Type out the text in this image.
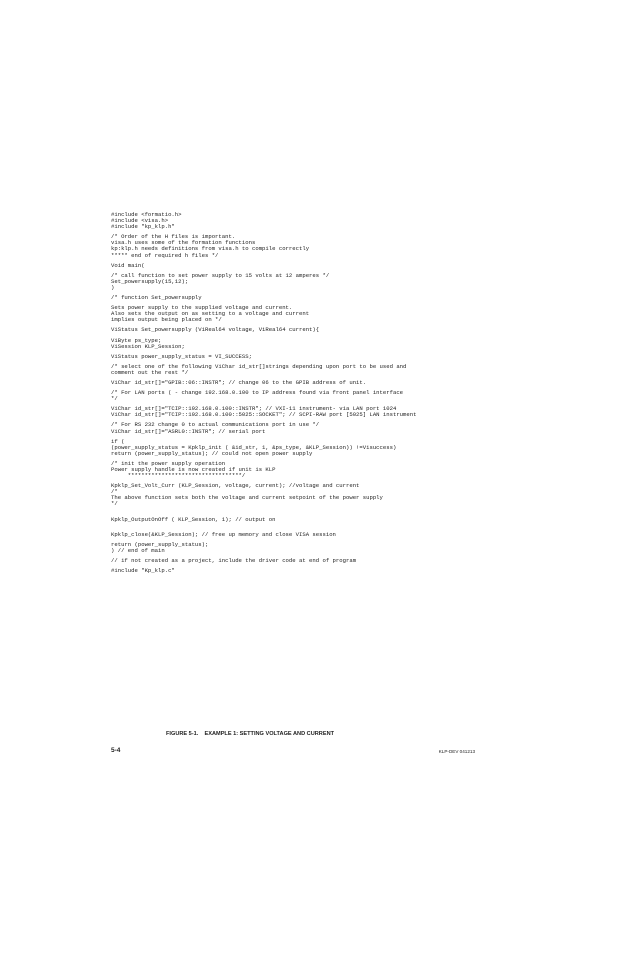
#include <formatio.h>
#include <visa.h>
#include "kp_klp.h"
/* Order of the H files is important.
visa.h uses some of the formation functions
kp:klp.h needs definitions from visa.h to compile correctly
***** end of required h files */
Void main(
/* call function to set power supply to 15 volts at 12 amperes */
Set_powersupply(15,12);
)
/* function Set_powersupply
Sets power supply to the supplied voltage and current.
Also sets the output on as setting to a voltage and current
implies output being placed on */
ViStatus Set_powersupply (ViReal64 voltage, ViReal64 current){
ViByte ps_type;
ViSession KLP_Session;
ViStatus power_supply_status = VI_SUCCESS;
/* select one of the following ViChar id_str[]strings depending upon port to be used and
comment out the rest */
ViChar id_str[]="GPIB::06::INSTR"; // change 06 to the GPIB address of unit.
/* For LAN ports ( - change 192.168.0.100 to IP address found via front panel interface
*/
ViChar id_str[]="TCIP::192.168.0.100::INSTR"; // VXI-11 instrument- via LAN port 1024
ViChar id_str[]="TCIP::192.168.0.100::5025::SOCKET"; // SCPI-RAW port [5025] LAN instrument
/* For RS 232 change 0 to actual communications port in use */
ViChar id_str[]="ASRL0::INSTR"; // serial port
if (
(power_supply_status = Kpklp_init ( &id_str, 1, &ps_type, &KLP_Session)) !=Visuccess)
return (power_supply_status); // could not open power supply
/* init the power supply operation
Power supply handle is now created if unit is KLP
**********************************/
Kpklp_Set_Volt_Curr (KLP_Session, voltage, current); //voltage and current
/*
The above function sets both the voltage and current setpoint of the power supply
*/
Kpklp_OutputOnOff ( KLP_Session, 1); // output on
Kpklp_close(&KLP_Session); // free up memory and close VISA session
return (power_supply_status);
) // end of main
// if not created as a project, include the driver code at end of program
#include "Kp_klp.c"
FIGURE 5-1.    EXAMPLE 1: SETTING VOLTAGE AND CURRENT
5-4	KLP-DEV 041213
